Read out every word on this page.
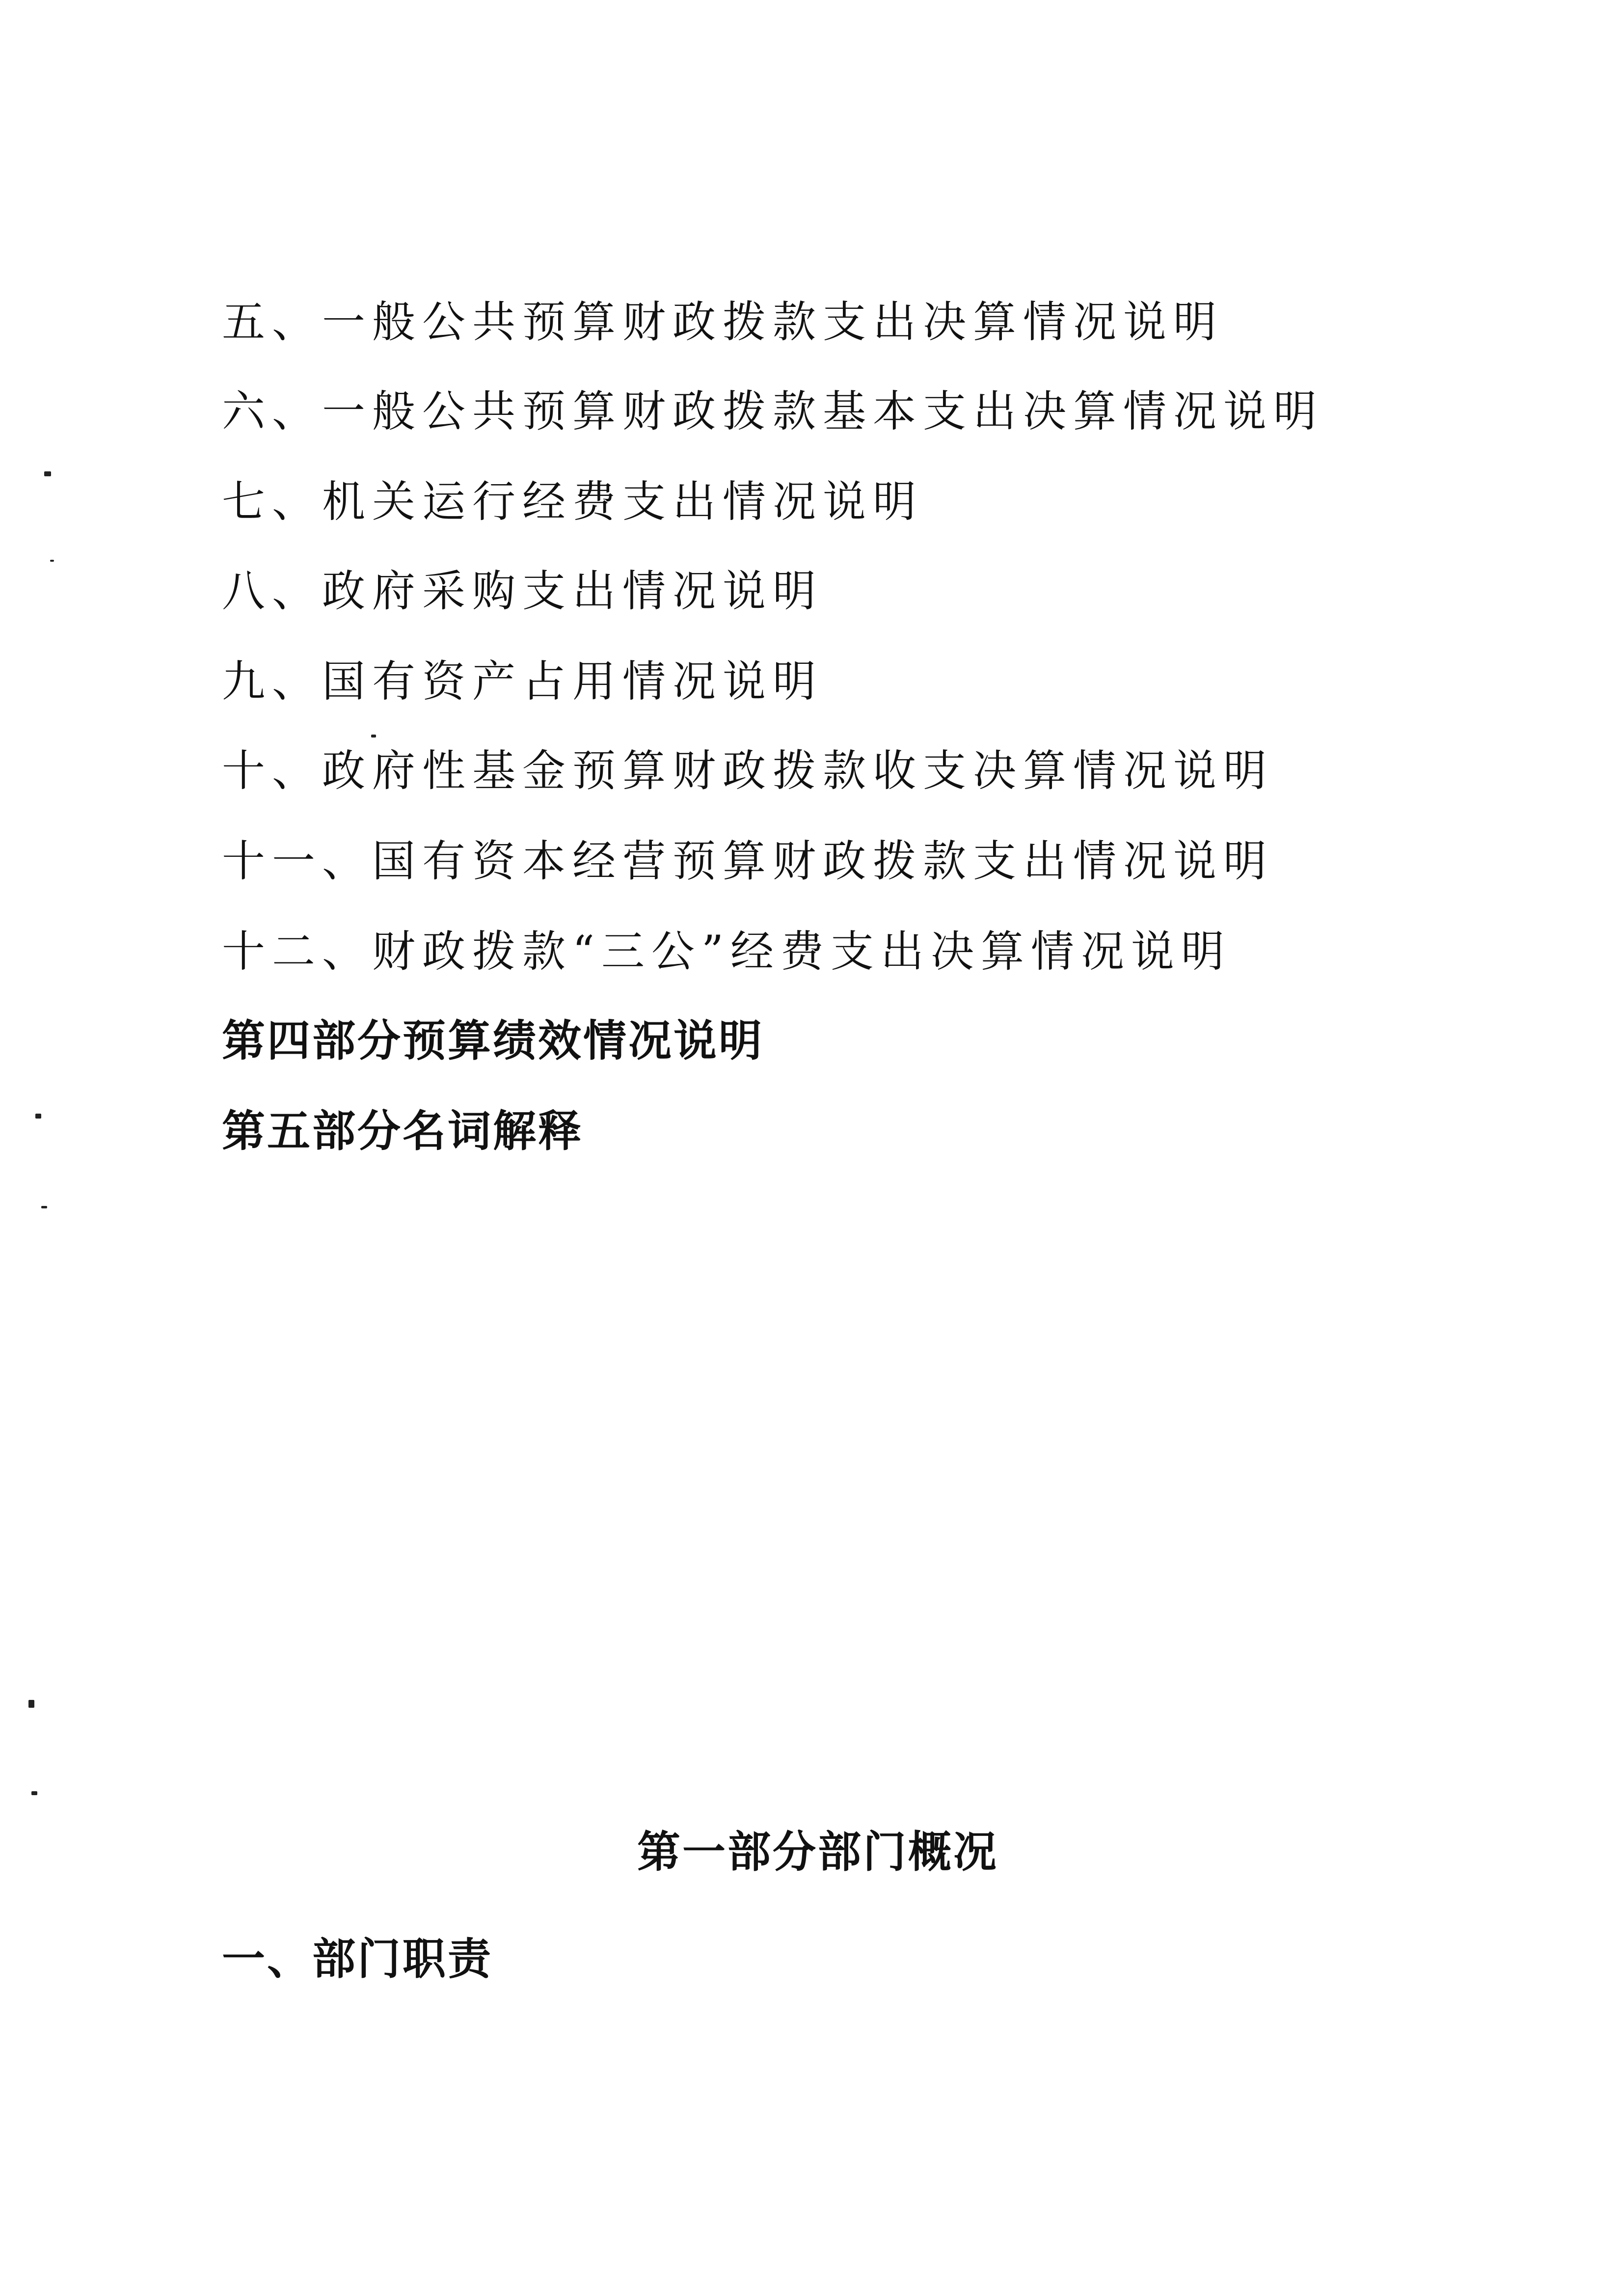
五、一般公共预算财政拨款支出决算情况说明
六、一般公共预算财政拨款基本支出决算情况说明
七、机关运行经费支出情况说明
八、政府采购支出情况说明
九、国有资产占用情况说明
十、政府性基金预算财政拨款收支决算情况说明
十一、国有资本经营预算财政拨款支出情况说明
十二、财政拨款“三公”经费支出决算情况说明
第四部分预算绩效情况说明
第五部分名词解释
第一部分部门概况
一、部门职责
